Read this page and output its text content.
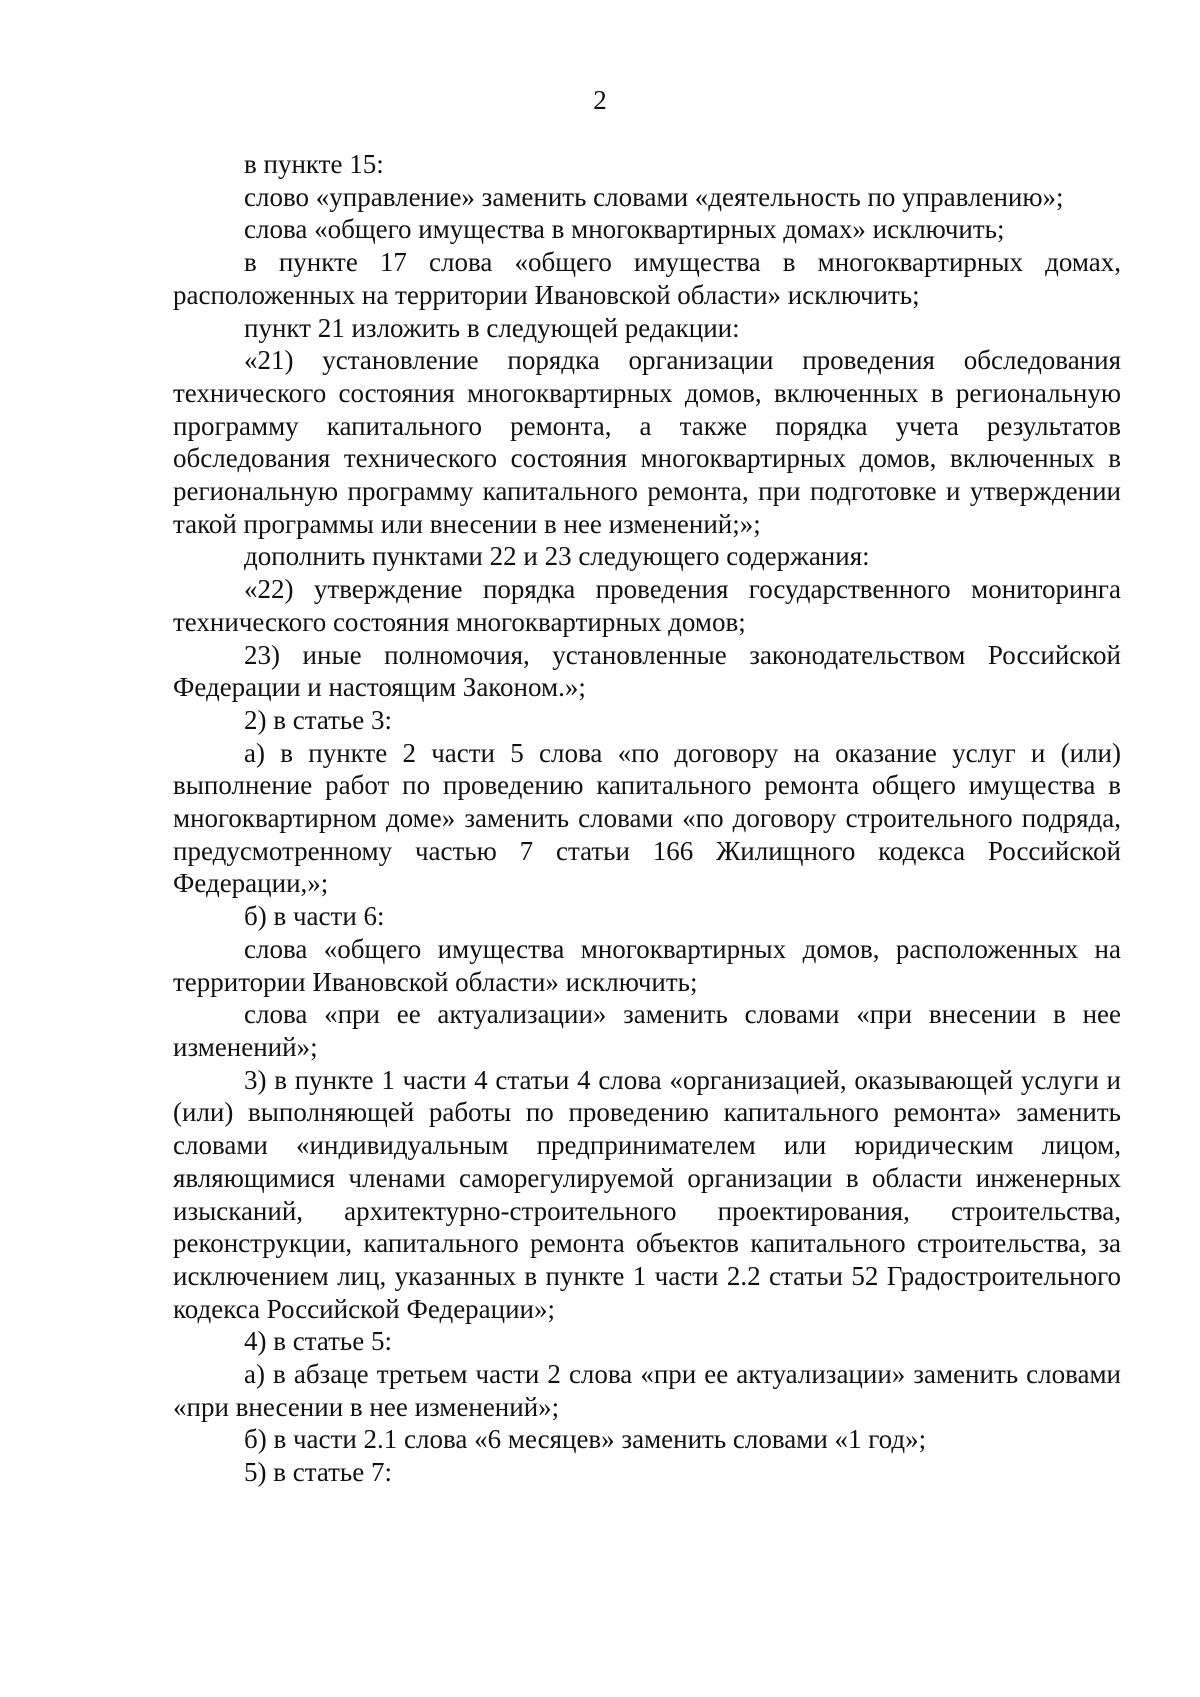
2

в пункте 15:

слово «управление» заменить словами «деятельность по управлению»;

слова «общего имущества в многоквартирных домах» исключить;

в пункте 17 слова «общего имущества в многоквартирных домах, расположенных на территории Ивановской области» исключить;

пункт 21 изложить в следующей редакции:

«21) установление порядка организации проведения обследования технического состояния многоквартирных домов, включенных в региональную программу капитального ремонта, а также порядка учета результатов обследования технического состояния многоквартирных домов, включенных в региональную программу капитального ремонта, при подготовке и утверждении такой программы или внесении в нее изменений;»;

дополнить пунктами 22 и 23 следующего содержания:

«22) утверждение порядка проведения государственного мониторинга технического состояния многоквартирных домов;

23) иные полномочия, установленные законодательством Российской Федерации и настоящим Законом.»;

2) в статье 3:

а) в пункте 2 части 5 слова «по договору на оказание услуг и (или) выполнение работ по проведению капитального ремонта общего имущества в многоквартирном доме» заменить словами «по договору строительного подряда, предусмотренному частью 7 статьи 166 Жилищного кодекса Российской Федерации,»;

б) в части 6:

слова «общего имущества многоквартирных домов, расположенных на территории Ивановской области» исключить;

слова «при ее актуализации» заменить словами «при внесении в нее изменений»;

3) в пункте 1 части 4 статьи 4 слова «организацией, оказывающей услуги и (или) выполняющей работы по проведению капитального ремонта» заменить словами «индивидуальным предпринимателем или юридическим лицом, являющимися членами саморегулируемой организации в области инженерных изысканий, архитектурно-строительного проектирования, строительства, реконструкции, капитального ремонта объектов капитального строительства, за исключением лиц, указанных в пункте 1 части 2.2 статьи 52 Градостроительного кодекса Российской Федерации»;

4) в статье 5:

а) в абзаце третьем части 2 слова «при ее актуализации» заменить словами «при внесении в нее изменений»;

б) в части 2.1 слова «6 месяцев» заменить словами «1 год»;

5) в статье 7:
